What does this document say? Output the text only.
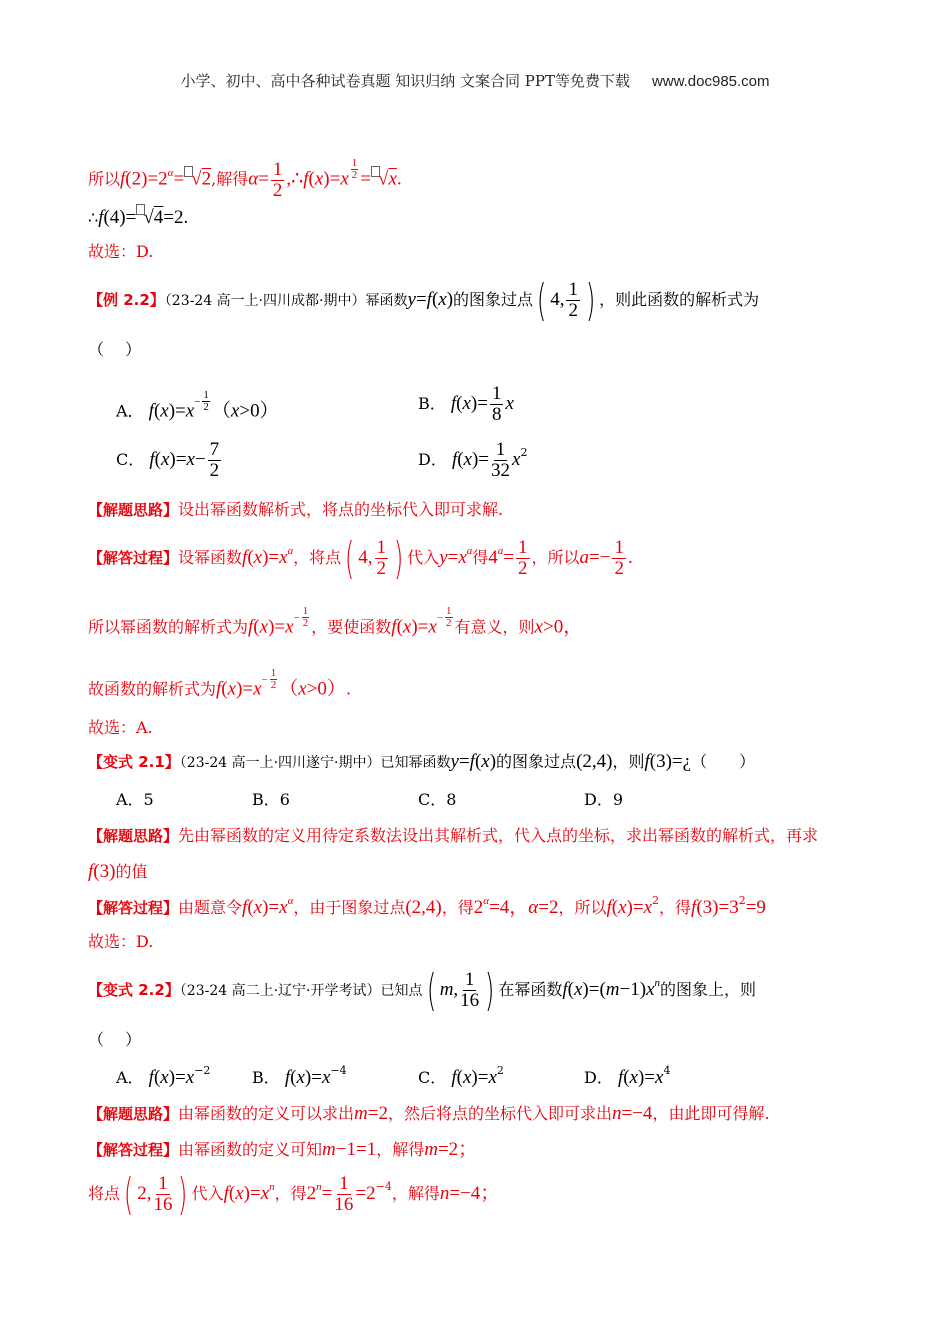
小学、初中、高中各种试卷真题 知识归纳 文案合同 PPT等免费下载 www.doc985.com
所以$f(2)=2^\alpha= √2$,解得$\alpha= \frac{1}{2}$ ,∴f(x)=x $^{\frac{1}{2}}$ = √x.
∴f(4)= √4=2.
故选：D.
【例 2.2】（23-24 高一上·四川成都·期中）幂函数y=f(x)的图象过点( 4, $\frac{1}{2}$ ) ，则此函数的解析式为
（　 ）
A． $f(x)=x^{- \frac{1}{2}}$ （x>0）	B． $f(x)= \frac{1}{8}$ x
C． $f(x)=x- \frac{7}{2}$	D． $f(x)= \frac{1}{32} x^2$
【解题思路】设出幂函数解析式，将点的坐标代入即可求解.
【解答过程】设幂函数$f(x)=x^a$，将点( 4, $\frac{1}{2}$ ) 代入$y=x^a$得$4^a= \frac{1}{2}$ ，所以$a=- \frac{1}{2}$ .
所以幂函数的解析式为$f(x)=x^{- \frac{1}{2}}$ ，要使函数$f(x)=x^{- \frac{1}{2}}$ 有意义，则x>0，
故函数的解析式为$f(x)=x^{- \frac{1}{2}}$ （x>0）.
故选：A.
【变式 2.1】（23-24 高一上·四川遂宁·期中）已知幂函数y=f(x)的图象过点(2,4)，则f(3)=¿（　　）
A．5	B．6	C．8	D．9
【解题思路】先由幂函数的定义用待定系数法设出其解析式，代入点的坐标，求出幂函数的解析式，再求
f(3)的值
【解答过程】由题意令$f(x)=x^\alpha$，由于图象过点(2,4)，得$2^\alpha=4$，α=2，所以$f(x)=x^2$，得$f(3)=3^2=9$
故选：D.
【变式 2.2】（23-24 高二上·辽宁·开学考试）已知点( m, $\frac{1}{16}$ ) 在幂函数$f(x)=(m-1)x^n$的图象上，则
（　 ）
A． $f(x)=x^{-2}$	B． $f(x)=x^{-4}$	C． $f(x)=x^2$	D． $f(x)=x^4$
【解题思路】由幂函数的定义可以求出m=2，然后将点的坐标代入即可求出n=−4，由此即可得解.
【解答过程】由幂函数的定义可知m−1=1，解得m=2；
将点( 2, $\frac{1}{16}$ ) 代入$f(x)=x^n$，得$2^n= \frac{1}{16} =2^{-4}$，解得n=−4；
